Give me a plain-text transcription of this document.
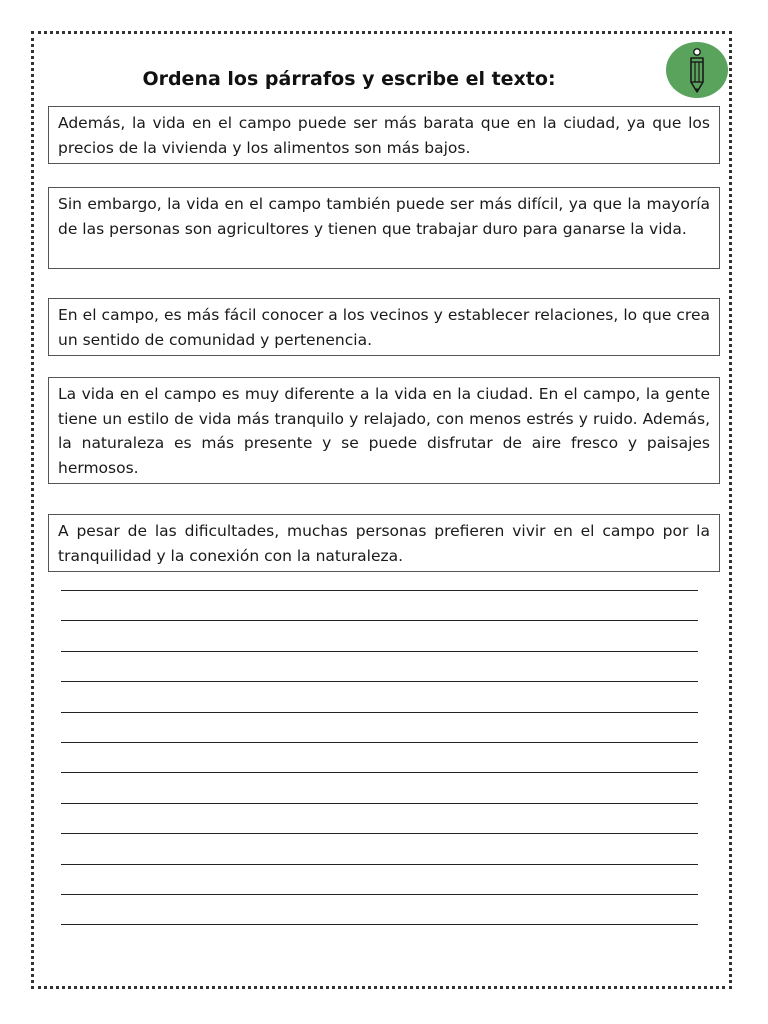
Ordena los párrafos y escribe el texto:
Además, la vida en el campo puede ser más barata que en la ciudad, ya que los precios de la vivienda y los alimentos son más bajos.
Sin embargo, la vida en el campo también puede ser más difícil, ya que la mayoría de las personas son agricultores y tienen que trabajar duro para ganarse la vida.
En el campo, es más fácil conocer a los vecinos y establecer relaciones, lo que crea un sentido de comunidad y pertenencia.
La vida en el campo es muy diferente a la vida en la ciudad. En el campo, la gente tiene un estilo de vida más tranquilo y relajado, con menos estrés y ruido. Además, la naturaleza es más presente y se puede disfrutar de aire fresco y paisajes hermosos.
A pesar de las dificultades, muchas personas prefieren vivir en el campo por la tranquilidad y la conexión con la naturaleza.
